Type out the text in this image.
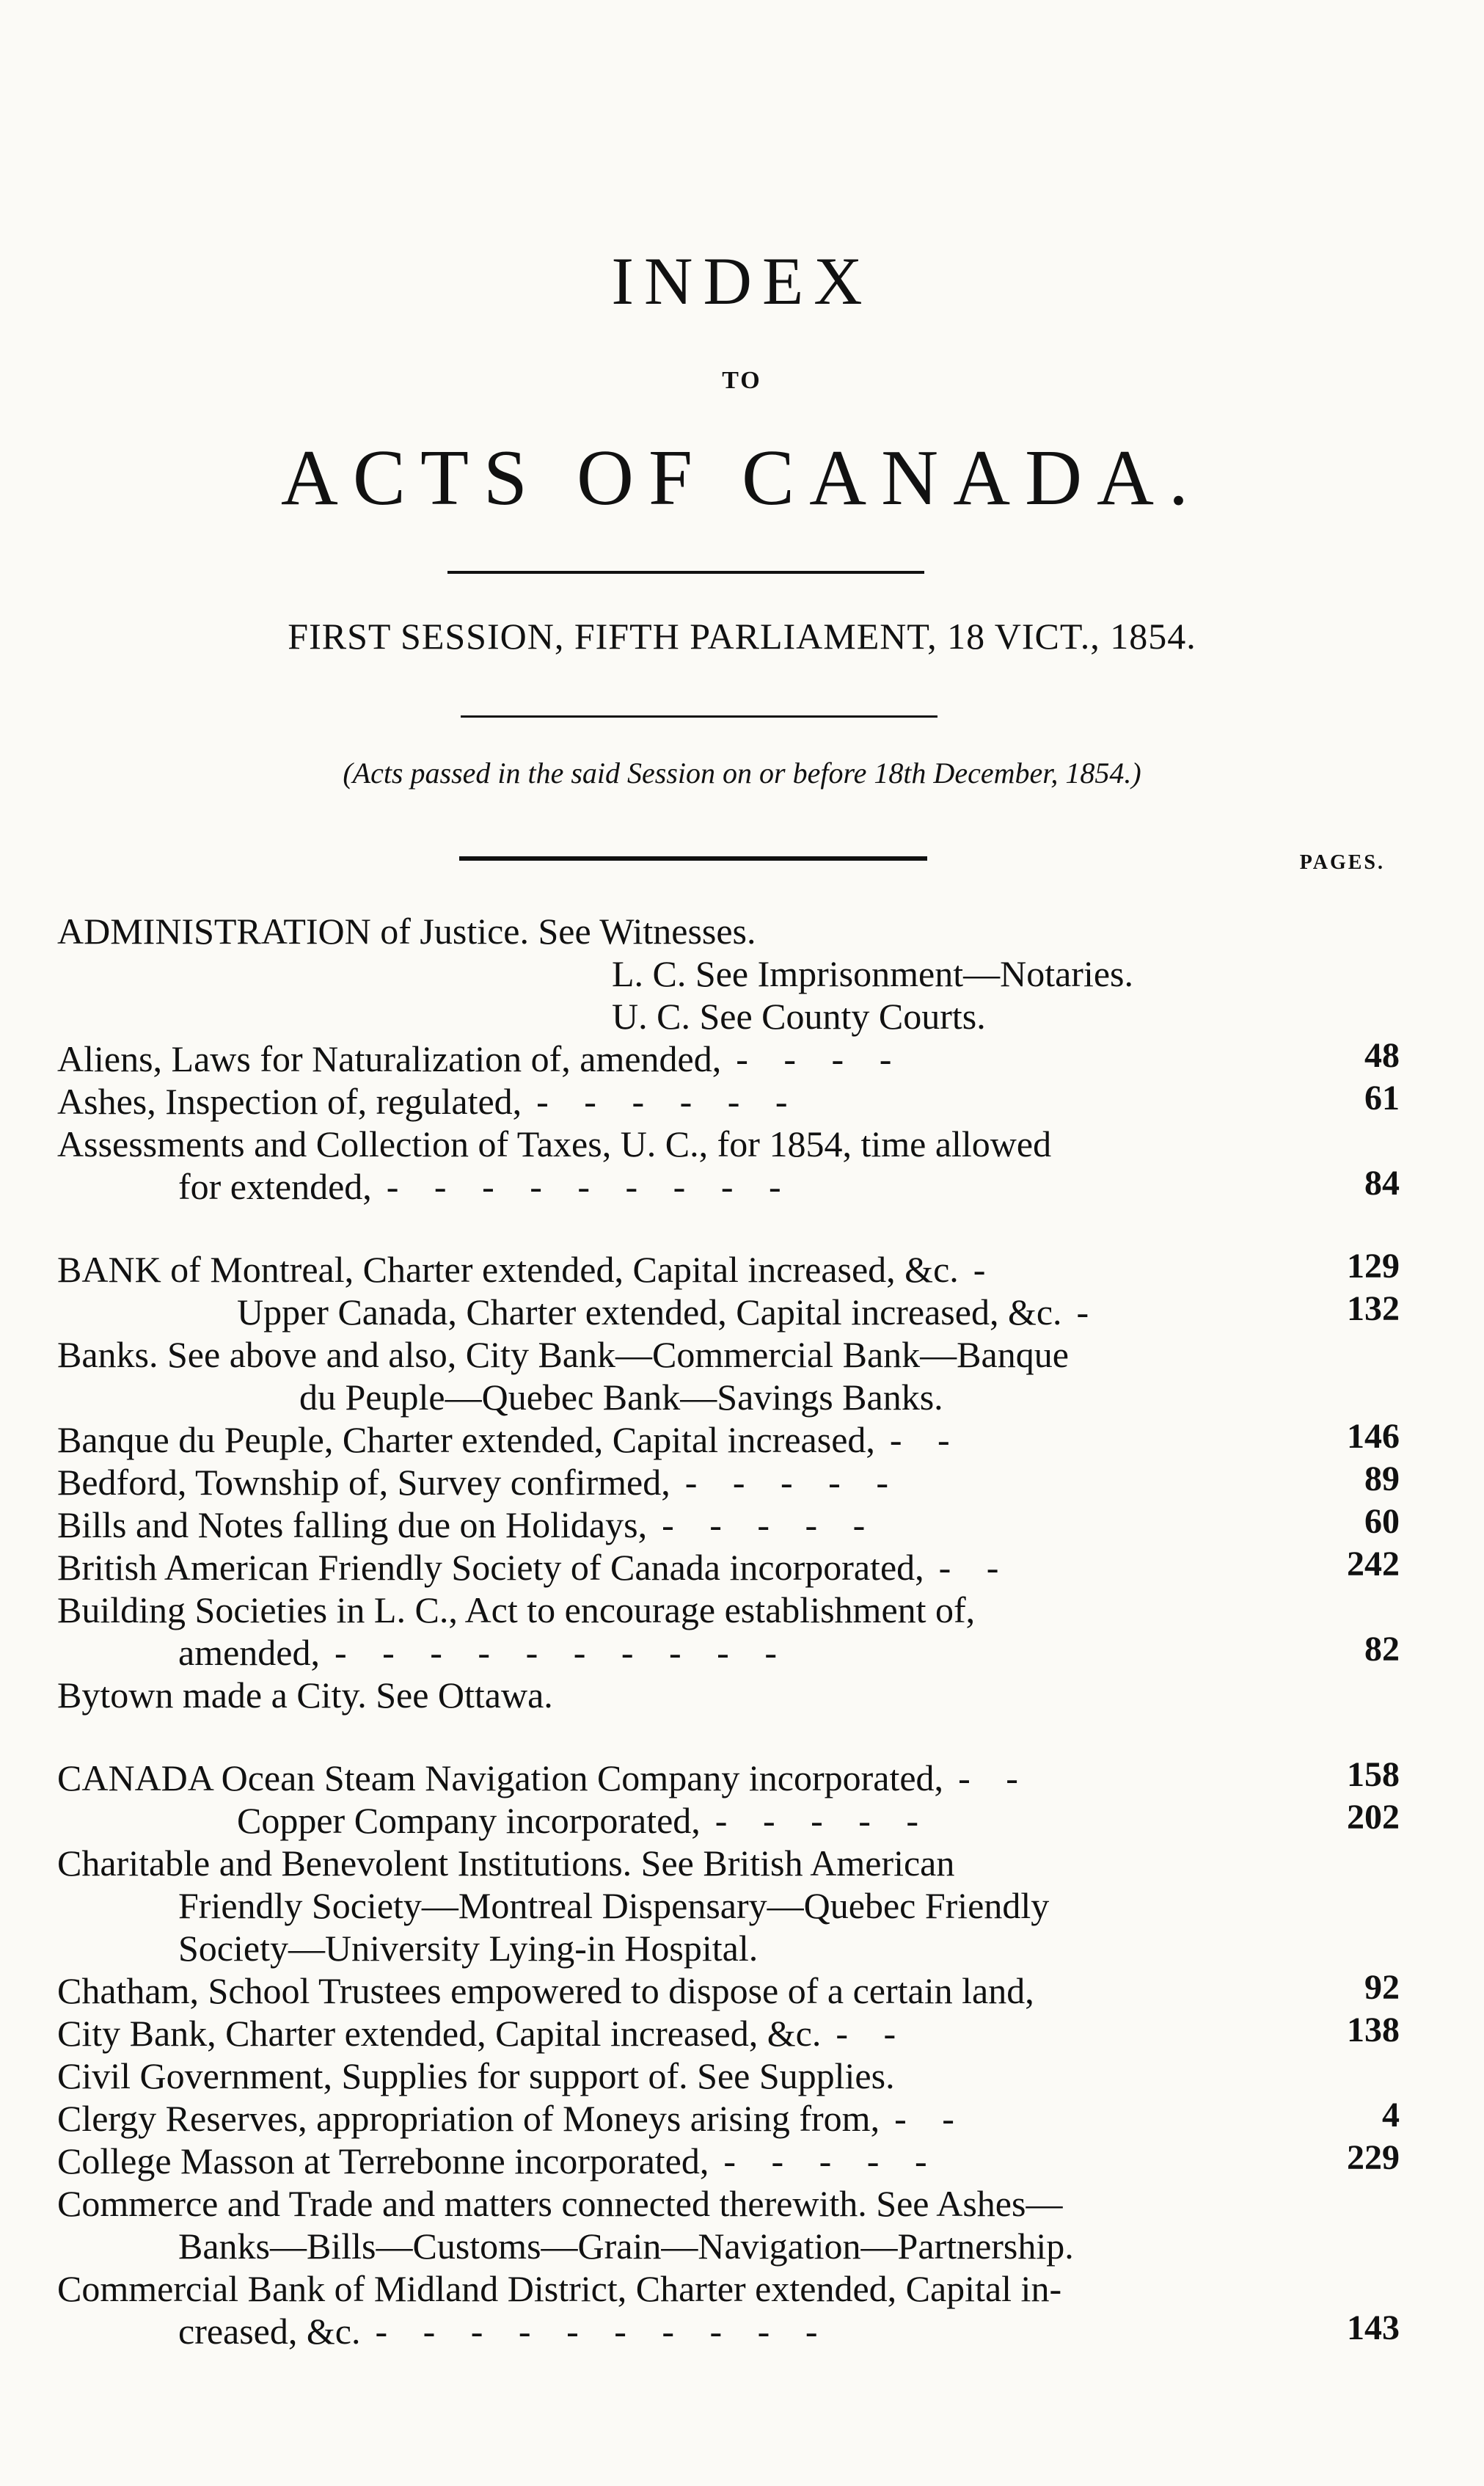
INDEX
TO
ACTS OF CANADA.
FIRST SESSION, FIFTH PARLIAMENT, 18 VICT., 1854.
(Acts passed in the said Session on or before 18th December, 1854.)
PAGES.
ADMINISTRATION of Justice. See Witnesses.
L. C. See Imprisonment—Notaries.
U. C. See County Courts.
Aliens, Laws for Naturalization of, amended, - - - -	48
Ashes, Inspection of, regulated, - - - - - -	61
Assessments and Collection of Taxes, U. C., for 1854, time allowed
for extended, - - - - - - - - -	84
BANK of Montreal, Charter extended, Capital increased, &c. -	129
Upper Canada, Charter extended, Capital increased, &c. -	132
Banks. See above and also, City Bank—Commercial Bank—Banque
du Peuple—Quebec Bank—Savings Banks.
Banque du Peuple, Charter extended, Capital increased, - -	146
Bedford, Township of, Survey confirmed, - - - - -	89
Bills and Notes falling due on Holidays, - - - - -	60
British American Friendly Society of Canada incorporated, - -	242
Building Societies in L. C., Act to encourage establishment of,
amended, - - - - - - - - - -	82
Bytown made a City. See Ottawa.
CANADA Ocean Steam Navigation Company incorporated, - -	158
Copper Company incorporated, - - - - -	202
Charitable and Benevolent Institutions. See British American
Friendly Society—Montreal Dispensary—Quebec Friendly
Society—University Lying-in Hospital.
Chatham, School Trustees empowered to dispose of a certain land,	92
City Bank, Charter extended, Capital increased, &c. - -	138
Civil Government, Supplies for support of. See Supplies.
Clergy Reserves, appropriation of Moneys arising from, - -	4
College Masson at Terrebonne incorporated, - - - - -	229
Commerce and Trade and matters connected therewith. See Ashes—
Banks—Bills—Customs—Grain—Navigation—Partnership.
Commercial Bank of Midland District, Charter extended, Capital in-
creased, &c. - - - - - - - - - -	143
